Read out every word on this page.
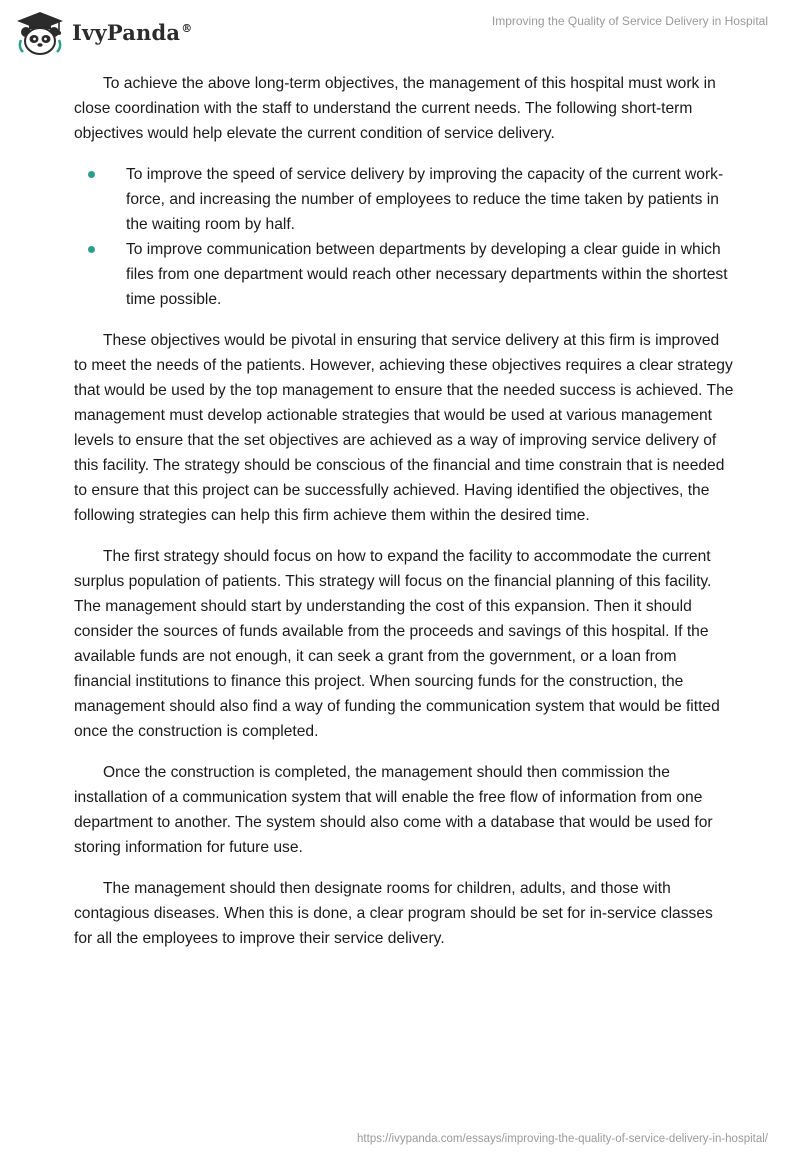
IvyPanda®	Improving the Quality of Service Delivery in Hospital

To achieve the above long-term objectives, the management of this hospital must work in close coordination with the staff to understand the current needs. The following short-term objectives would help elevate the current condition of service delivery.

To improve the speed of service delivery by improving the capacity of the current work-force, and increasing the number of employees to reduce the time taken by patients in the waiting room by half.
To improve communication between departments by developing a clear guide in which files from one department would reach other necessary departments within the shortest time possible.

These objectives would be pivotal in ensuring that service delivery at this firm is improved to meet the needs of the patients. However, achieving these objectives requires a clear strategy that would be used by the top management to ensure that the needed success is achieved. The management must develop actionable strategies that would be used at various management levels to ensure that the set objectives are achieved as a way of improving service delivery of this facility. The strategy should be conscious of the financial and time constrain that is needed to ensure that this project can be successfully achieved. Having identified the objectives, the following strategies can help this firm achieve them within the desired time.

The first strategy should focus on how to expand the facility to accommodate the current surplus population of patients. This strategy will focus on the financial planning of this facility. The management should start by understanding the cost of this expansion. Then it should consider the sources of funds available from the proceeds and savings of this hospital. If the available funds are not enough, it can seek a grant from the government, or a loan from financial institutions to finance this project. When sourcing funds for the construction, the management should also find a way of funding the communication system that would be fitted once the construction is completed.

Once the construction is completed, the management should then commission the installation of a communication system that will enable the free flow of information from one department to another. The system should also come with a database that would be used for storing information for future use.

The management should then designate rooms for children, adults, and those with contagious diseases. When this is done, a clear program should be set for in-service classes for all the employees to improve their service delivery.

https://ivypanda.com/essays/improving-the-quality-of-service-delivery-in-hospital/
